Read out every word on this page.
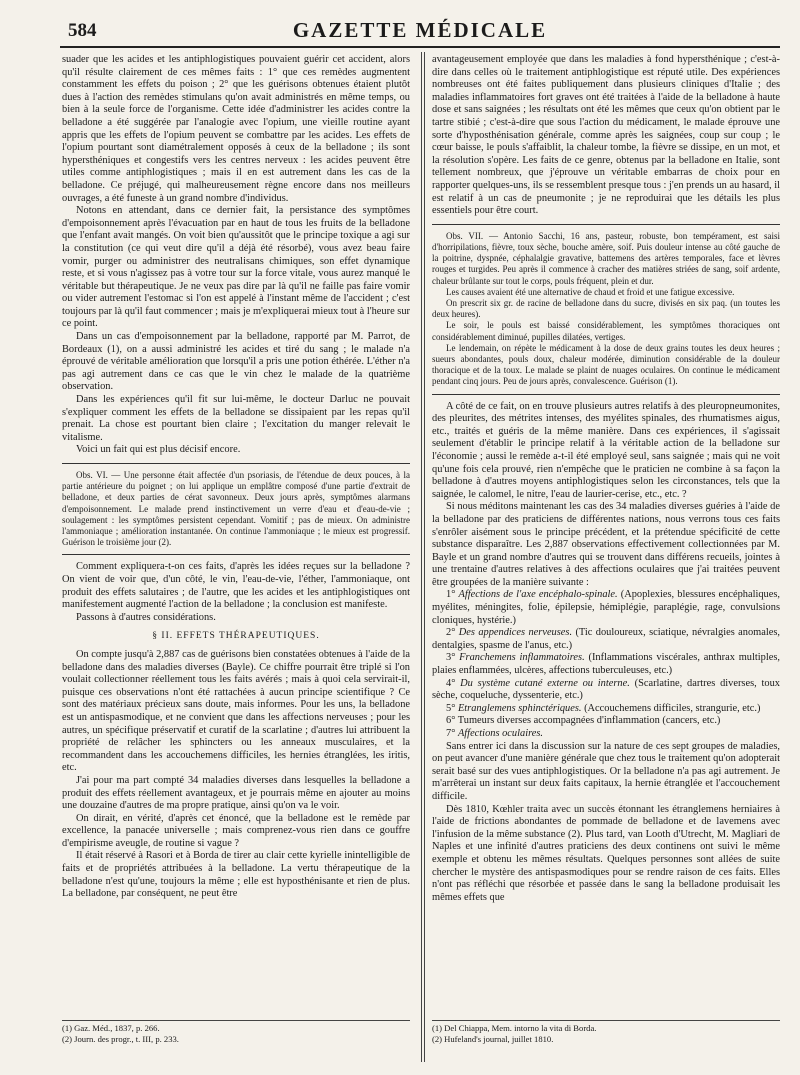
584	GAZETTE MÉDICALE

suader que les acides et les antiphlogistiques pouvaient guérir cet accident, alors qu'il résulte clairement de ces mêmes faits : 1° que ces remèdes augmentent constamment les effets du poison ; 2° que les guérisons obtenues étaient plutôt dues à l'action des remèdes stimulans qu'on avait administrés en même temps, ou bien à la seule force de l'organisme. Cette idée d'administrer les acides contre la belladone a été suggérée par l'analogie avec l'opium, une vieille routine ayant appris que les effets de l'opium peuvent se combattre par les acides. Les effets de l'opium pourtant sont diamétralement opposés à ceux de la belladone ; ils sont hypersthéniques et congestifs vers les centres nerveux : les acides peuvent être utiles comme antiphlogistiques ; mais il en est autrement dans les cas de la belladone. Ce préjugé, qui malheureusement règne encore dans nos meilleurs ouvrages, a été funeste à un grand nombre d'individus.

Notons en attendant, dans ce dernier fait, la persistance des symptômes d'empoisonnement après l'évacuation par en haut de tous les fruits de la belladone que l'enfant avait mangés. On voit bien qu'aussitôt que le principe toxique a agi sur la constitution (ce qui veut dire qu'il a déjà été résorbé), vous avez beau faire vomir, purger ou administrer des neutralisans chimiques, son effet dynamique reste, et si vous n'agissez pas à votre tour sur la force vitale, vous aurez manqué le véritable but thérapeutique. Je ne veux pas dire par là qu'il ne faille pas faire vomir ou vider autrement l'estomac si l'on est appelé à l'instant même de l'accident ; c'est toujours par là qu'il faut commencer ; mais je m'expliquerai mieux tout à l'heure sur ce point.

Dans un cas d'empoisonnement par la belladone, rapporté par M. Parrot, de Bordeaux (1), on a aussi administré les acides et tiré du sang ; le malade n'a éprouvé de véritable amélioration que lorsqu'il a pris une potion éthérée. L'éther n'a pas agi autrement dans ce cas que le vin chez le malade de la quatrième observation.

Dans les expériences qu'il fit sur lui-même, le docteur Darluc ne pouvait s'expliquer comment les effets de la belladone se dissipaient par les repas qu'il prenait. La chose est pourtant bien claire ; l'excitation du manger relevait le vitalisme.

Voici un fait qui est plus décisif encore.

Obs. VI. — Une personne était affectée d'un psoriasis, de l'étendue de deux pouces, à la partie antérieure du poignet ; on lui applique un emplâtre composé d'une partie d'extrait de belladone, et deux parties de cérat savonneux. Deux jours après, symptômes alarmans d'empoisonnement. Le malade prend instinctivement un verre d'eau et d'eau-de-vie ; soulagement : les symptômes persistent cependant. Vomitif ; pas de mieux. On administre l'ammoniaque ; amélioration instantanée. On continue l'ammoniaque ; le mieux est progressif. Guérison le troisième jour (2).

Comment expliquera-t-on ces faits, d'après les idées reçues sur la belladone ? On vient de voir que, d'un côté, le vin, l'eau-de-vie, l'éther, l'ammoniaque, ont produit des effets salutaires ; de l'autre, que les acides et les antiphlogistiques ont manifestement augmenté l'action de la belladone ; la conclusion est manifeste.

Passons à d'autres considérations.

§ II. EFFETS THÉRAPEUTIQUES.

On compte jusqu'à 2,887 cas de guérisons bien constatées obtenues à l'aide de la belladone dans des maladies diverses (Bayle). Ce chiffre pourrait être triplé si l'on voulait collectionner réellement tous les faits avérés ; mais à quoi cela servirait-il, puisque ces observations n'ont été rattachées à aucun principe scientifique ? Ce sont des matériaux précieux sans doute, mais informes. Pour les uns, la belladone est un antispasmodique, et ne convient que dans les affections nerveuses ; pour les autres, un spécifique préservatif et curatif de la scarlatine ; d'autres lui attribuent la propriété de relâcher les sphincters ou les anneaux musculaires, et la recommandent dans les accouchemens difficiles, les hernies étranglées, les iritis, etc.

J'ai pour ma part compté 34 maladies diverses dans lesquelles la belladone a produit des effets réellement avantageux, et je pourrais même en ajouter au moins une douzaine d'autres de ma propre pratique, ainsi qu'on va le voir.

On dirait, en vérité, d'après cet énoncé, que la belladone est le remède par excellence, la panacée universelle ; mais comprenez-vous rien dans ce gouffre d'empirisme aveugle, de routine si vague ?

Il était réservé à Rasori et à Borda de tirer au clair cette kyrielle inintelligible de faits et de propriétés attribuées à la belladone. La vertu thérapeutique de la belladone n'est qu'une, toujours la même ; elle est hyposthénisante et rien de plus. La belladone, par conséquent, ne peut être

(1) Gaz. Méd., 1837, p. 266.
(2) Journ. des progr., t. III, p. 233.

avantageusement employée que dans les maladies à fond hypersthénique ; c'est-à-dire dans celles où le traitement antiphlogistique est réputé utile. Des expériences nombreuses ont été faites publiquement dans plusieurs cliniques d'Italie ; des maladies inflammatoires fort graves ont été traitées à l'aide de la belladone à haute dose et sans saignées ; les résultats ont été les mêmes que ceux qu'on obtient par le tartre stibié ; c'est-à-dire que sous l'action du médicament, le malade éprouve une sorte d'hyposthénisation générale, comme après les saignées, coup sur coup ; le cœur baisse, le pouls s'affaiblit, la chaleur tombe, la fièvre se dissipe, en un mot, et la résolution s'opère. Les faits de ce genre, obtenus par la belladone en Italie, sont tellement nombreux, que j'éprouve un véritable embarras de choix pour en rapporter quelques-uns, ils se ressemblent presque tous : j'en prends un au hasard, il est relatif à un cas de pneumonite ; je ne reproduirai que les détails les plus essentiels pour être court.

Obs. VII. — Antonio Sacchi, 16 ans, pasteur, robuste, bon tempérament, est saisi d'horripilations, fièvre, toux sèche, bouche amère, soif. Puis douleur intense au côté gauche de la poitrine, dyspnée, céphalalgie gravative, battemens des artères temporales, face et lèvres rouges et turgides. Peu après il commence à cracher des matières striées de sang, soif ardente, chaleur brûlante sur tout le corps, pouls fréquent, plein et dur.

Les causes avaient été une alternative de chaud et froid et une fatigue excessive.

On prescrit six gr. de racine de belladone dans du sucre, divisés en six paq. (un toutes les deux heures).

Le soir, le pouls est baissé considérablement, les symptômes thoraciques ont considérablement diminué, pupilles dilatées, vertiges.

Le lendemain, on répète le médicament à la dose de deux grains toutes les deux heures ; sueurs abondantes, pouls doux, chaleur modérée, diminution considérable de la douleur thoracique et de la toux. Le malade se plaint de nuages oculaires. On continue le médicament pendant cinq jours. Peu de jours après, convalescence. Guérison (1).

A côté de ce fait, on en trouve plusieurs autres relatifs à des pleuropneumonites, des pleurites, des métrites intenses, des myélites spinales, des rhumatismes aigus, etc., traités et guéris de la même manière. Dans ces expériences, il s'agissait seulement d'établir le principe relatif à la véritable action de la belladone sur l'économie ; aussi le remède a-t-il été employé seul, sans saignée ; mais qui ne voit qu'une fois cela prouvé, rien n'empêche que le praticien ne combine à sa façon la belladone à d'autres moyens antiphlogistiques selon les circonstances, tels que la saignée, le calomel, le nitre, l'eau de laurier-cerise, etc., etc. ?

Si nous méditons maintenant les cas des 34 maladies diverses guéries à l'aide de la belladone par des praticiens de différentes nations, nous verrons tous ces faits s'enrôler aisément sous le principe précédent, et la prétendue spécificité de cette substance disparaître. Les 2,887 observations effectivement collectionnées par M. Bayle et un grand nombre d'autres qui se trouvent dans différens recueils, jointes à une trentaine d'autres relatives à des affections oculaires que j'ai traitées peuvent être groupées de la manière suivante :

1° Affections de l'axe encéphalo-spinale. (Apoplexies, blessures encéphaliques, myélites, méningites, folie, épilepsie, hémiplégie, paraplégie, rage, convulsions cloniques, hystérie.)

2° Des appendices nerveuses. (Tic douloureux, sciatique, névralgies anomales, dentalgies, spasme de l'anus, etc.)

3° Franchemens inflammatoires. (Inflammations viscérales, anthrax multiples, plaies enflammées, ulcères, affections tuberculeuses, etc.)

4° Du système cutané externe ou interne. (Scarlatine, dartres diverses, toux sèche, coqueluche, dyssenterie, etc.)

5° Etranglemens sphinctériques. (Accouchemens difficiles, strangurie, etc.)

6° Tumeurs diverses accompagnées d'inflammation (cancers, etc.)

7° Affections oculaires.

Sans entrer ici dans la discussion sur la nature de ces sept groupes de maladies, on peut avancer d'une manière générale que chez tous le traitement qu'on adopterait serait basé sur des vues antiphlogistiques. Or la belladone n'a pas agi autrement. Je m'arrêterai un instant sur deux faits capitaux, la hernie étranglée et l'accouchement difficile.

Dès 1810, Kœhler traita avec un succès étonnant les étranglemens herniaires à l'aide de frictions abondantes de pommade de belladone et de lavemens avec l'infusion de la même substance (2). Plus tard, van Looth d'Utrecht, M. Magliari de Naples et une infinité d'autres praticiens des deux continens ont suivi le même exemple et obtenu les mêmes résultats. Quelques personnes sont allées de suite chercher le mystère des antispasmodiques pour se rendre raison de ces faits. Elles n'ont pas réfléchi que résorbée et passée dans le sang la belladone produisait les mêmes effets que

(1) Del Chiappa, Mem. intorno la vita di Borda.
(2) Hufeland's journal, juillet 1810.
